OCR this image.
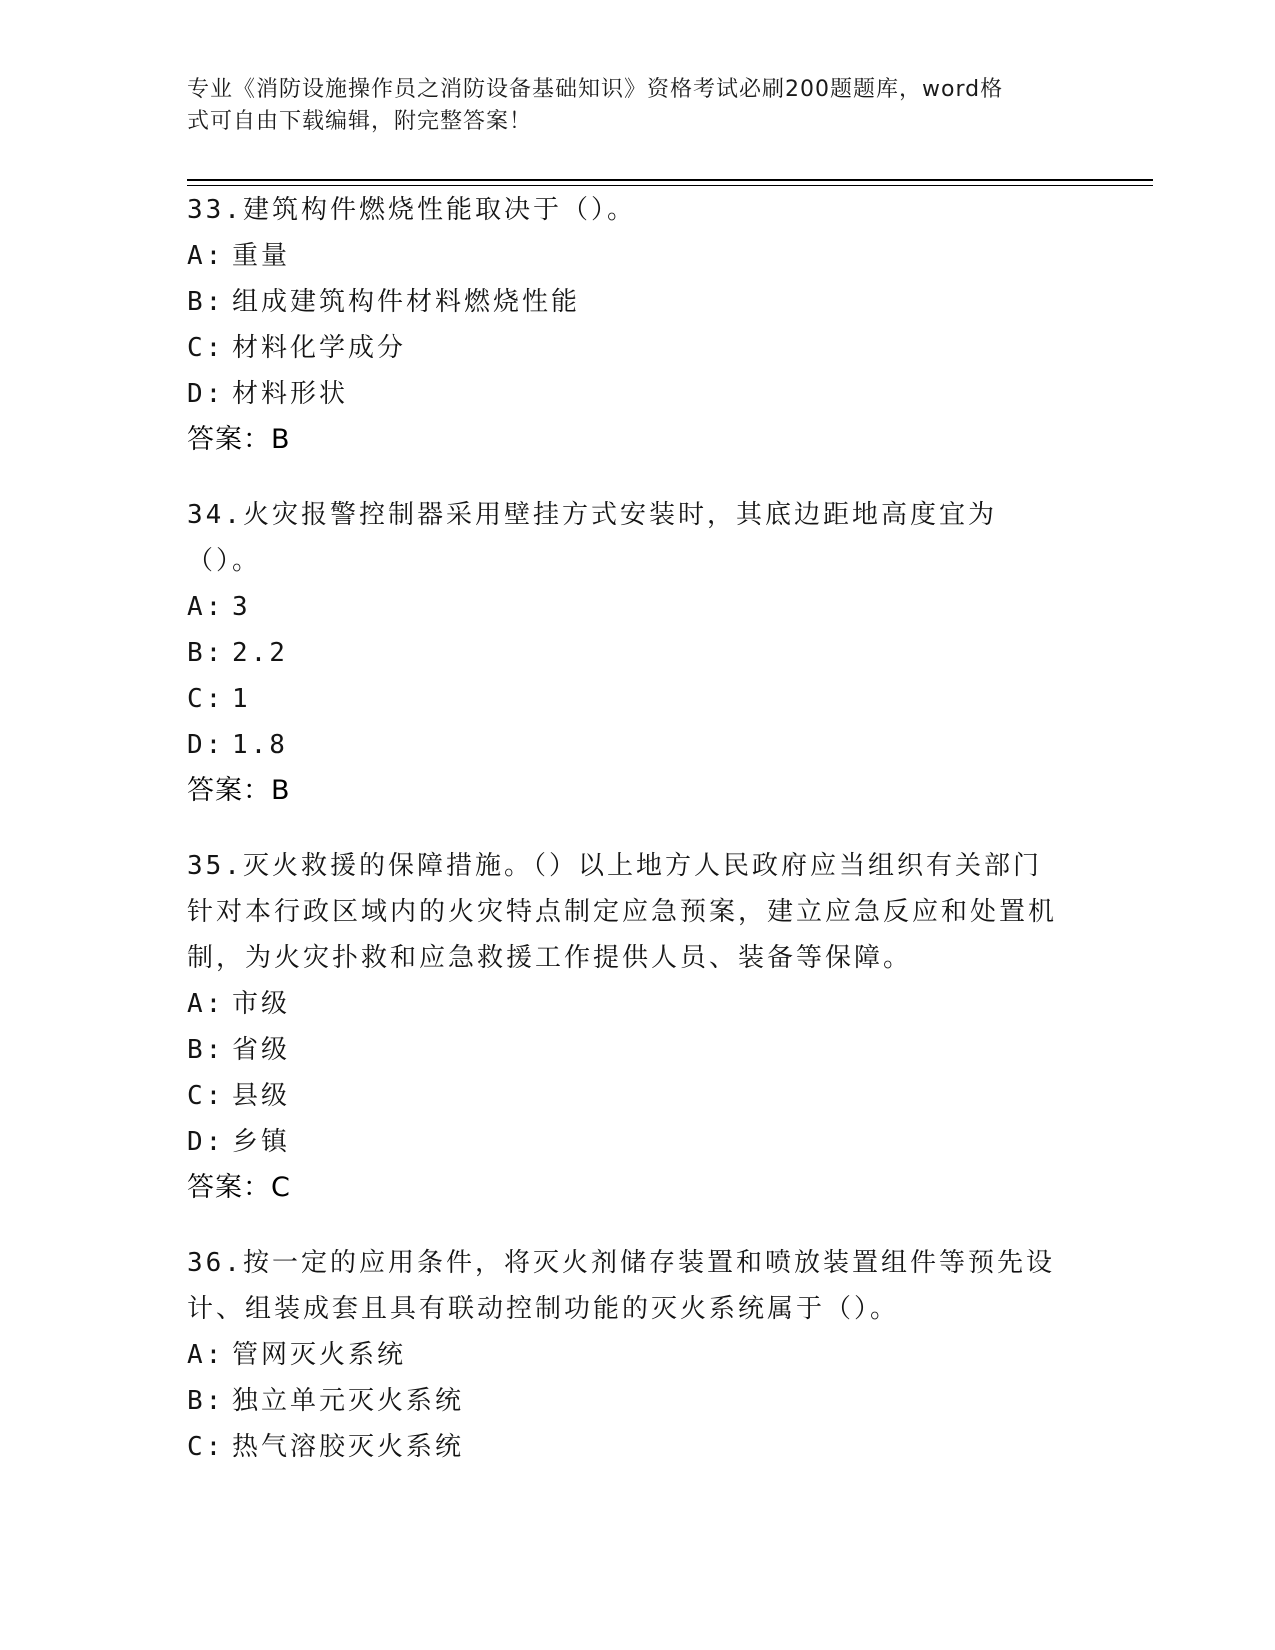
专业《消防设施操作员之消防设备基础知识》资格考试必刷200题题库，word格
式可自由下载编辑，附完整答案！
33.建筑构件燃烧性能取决于（）。
A: 重量
B: 组成建筑构件材料燃烧性能
C: 材料化学成分
D: 材料形状
答案：B
34.火灾报警控制器采用壁挂方式安装时，其底边距地高度宜为（）。
A: 3
B: 2.2
C: 1
D: 1.8
答案：B
35.灭火救援的保障措施。（）以上地方人民政府应当组织有关部门针对本行政区域内的火灾特点制定应急预案，建立应急反应和处置机制，为火灾扑救和应急救援工作提供人员、装备等保障。
A: 市级
B: 省级
C: 县级
D: 乡镇
答案：C
36.按一定的应用条件，将灭火剂储存装置和喷放装置组件等预先设计、组装成套且具有联动控制功能的灭火系统属于（）。
A: 管网灭火系统
B: 独立单元灭火系统
C: 热气溶胶灭火系统
